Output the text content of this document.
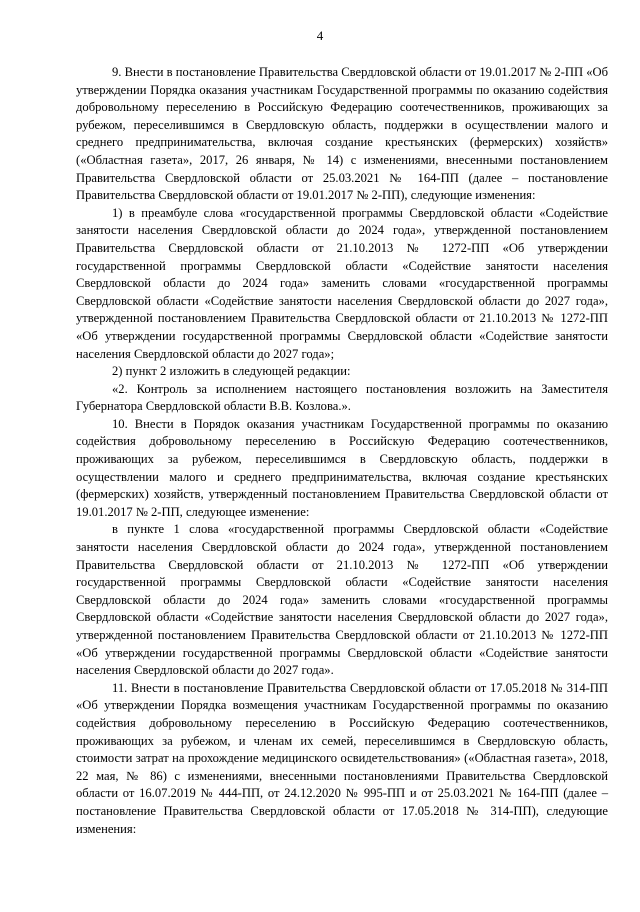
4

9. Внести в постановление Правительства Свердловской области от 19.01.2017 № 2-ПП «Об утверждении Порядка оказания участникам Государственной программы по оказанию содействия добровольному переселению в Российскую Федерацию соотечественников, проживающих за рубежом, переселившимся в Свердловскую область, поддержки в осуществлении малого и среднего предпринимательства, включая создание крестьянских (фермерских) хозяйств» («Областная газета», 2017, 26 января, № 14) с изменениями, внесенными постановлением Правительства Свердловской области от 25.03.2021 № 164-ПП (далее – постановление Правительства Свердловской области от 19.01.2017 № 2-ПП), следующие изменения:

1) в преамбуле слова «государственной программы Свердловской области «Содействие занятости населения Свердловской области до 2024 года», утвержденной постановлением Правительства Свердловской области от 21.10.2013 № 1272-ПП «Об утверждении государственной программы Свердловской области «Содействие занятости населения Свердловской области до 2024 года» заменить словами «государственной программы Свердловской области «Содействие занятости населения Свердловской области до 2027 года», утвержденной постановлением Правительства Свердловской области от 21.10.2013 № 1272-ПП «Об утверждении государственной программы Свердловской области «Содействие занятости населения Свердловской области до 2027 года»;

2) пункт 2 изложить в следующей редакции:

«2. Контроль за исполнением настоящего постановления возложить на Заместителя Губернатора Свердловской области В.В. Козлова.».

10. Внести в Порядок оказания участникам Государственной программы по оказанию содействия добровольному переселению в Российскую Федерацию соотечественников, проживающих за рубежом, переселившимся в Свердловскую область, поддержки в осуществлении малого и среднего предпринимательства, включая создание крестьянских (фермерских) хозяйств, утвержденный постановлением Правительства Свердловской области от 19.01.2017 № 2-ПП, следующее изменение:

в пункте 1 слова «государственной программы Свердловской области «Содействие занятости населения Свердловской области до 2024 года», утвержденной постановлением Правительства Свердловской области от 21.10.2013 № 1272-ПП «Об утверждении государственной программы Свердловской области «Содействие занятости населения Свердловской области до 2024 года» заменить словами «государственной программы Свердловской области «Содействие занятости населения Свердловской области до 2027 года», утвержденной постановлением Правительства Свердловской области от 21.10.2013 № 1272-ПП «Об утверждении государственной программы Свердловской области «Содействие занятости населения Свердловской области до 2027 года».

11. Внести в постановление Правительства Свердловской области от 17.05.2018 № 314-ПП «Об утверждении Порядка возмещения участникам Государственной программы по оказанию содействия добровольному переселению в Российскую Федерацию соотечественников, проживающих за рубежом, и членам их семей, переселившимся в Свердловскую область, стоимости затрат на прохождение медицинского освидетельствования» («Областная газета», 2018, 22 мая, № 86) с изменениями, внесенными постановлениями Правительства Свердловской области от 16.07.2019 № 444-ПП, от 24.12.2020 № 995-ПП и от 25.03.2021 № 164-ПП (далее – постановление Правительства Свердловской области от 17.05.2018 № 314-ПП), следующие изменения:
